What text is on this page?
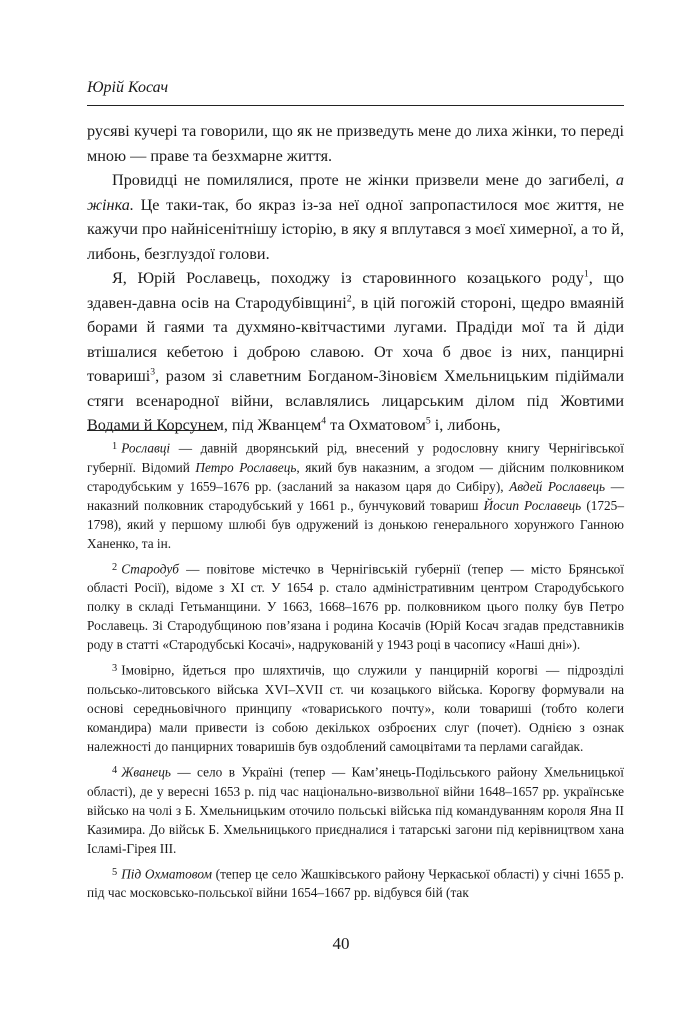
Юрій Косач

русяві кучері та говорили, що як не призведуть мене до лиха жінки, то переді мною — праве та безхмарне життя.

Провидці не помилялися, проте не жінки призвели мене до загибелі, а жінка. Це таки-так, бо якраз із-за неї одної запропастилося моє життя, не кажучи про найнісенітнішу історію, в яку я вплутався з моєї химерної, а то й, либонь, безглуздої голови.

Я, Юрій Рославець, походжу із старовинного козацького роду$^1$, що здавен-давна осів на Стародубівщині$^2$, в цій погожій стороні, щедро вмаяній борами й гаями та духмяно-квітчастими лугами. Прадіди мої та й діди втішалися кебетою і доброю славою. От хоча б двоє із них, панцирні товариші$^3$, разом зі славетним Богданом-Зіновієм Хмельницьким підіймали стяги всенародної війни, вславлялись лицарським ділом під Жовтими Водами й Корсунем, під Жванцем$^4$ та Охматовом$^5$ і, либонь,

$^1$ Рославці — давній дворянський рід, внесений у родословну книгу Чернігівської губернії. Відомий Петро Рославець, який був наказним, а згодом — дійсним полковником стародубським у 1659–1676 рр. (засланий за наказом царя до Сибіру), Авдей Рославець — наказний полковник стародубський у 1661 р., бунчуковий товариш Йосип Рославець (1725–1798), який у першому шлюбі був одружений із донькою генерального хорунжого Ганною Ханенко, та ін.

$^2$ Стародуб — повітове містечко в Чернігівській губернії (тепер — місто Брянської області Росії), відоме з XI ст. У 1654 р. стало адміністративним центром Стародубського полку в складі Гетьманщини. У 1663, 1668–1676 рр. полковником цього полку був Петро Рославець. Зі Стародубщиною пов’язана і родина Косачів (Юрій Косач згадав представників роду в статті «Стародубські Косачі», надрукованій у 1943 році в часопису «Наші дні»).

$^3$ Імовірно, йдеться про шляхтичів, що служили у панцирній корогві — підрозділі польсько-литовського війська XVI–XVII ст. чи козацького війська. Корогву формували на основі середньовічного принципу «товариського почту», коли товариші (тобто колеги командира) мали привести із собою декількох озброєних слуг (почет). Однією з ознак належності до панцирних товаришів був оздоблений самоцвітами та перлами сагайдак.

$^4$ Жванець — село в Україні (тепер — Кам’янець-Подільського району Хмельницької області), де у вересні 1653 р. під час національно-визвольної війни 1648–1657 рр. українське військо на чолі з Б. Хмельницьким оточило польські війська під командуванням короля Яна ІІ Казимира. До військ Б. Хмельницького приєдналися і татарські загони під керівництвом хана Ісламі-Гірея ІІІ.

$^5$ Під Охматовом (тепер це село Жашківського району Черкаської області) у січні 1655 р. під час московсько-польської війни 1654–1667 рр. відбувся бій (так

40
